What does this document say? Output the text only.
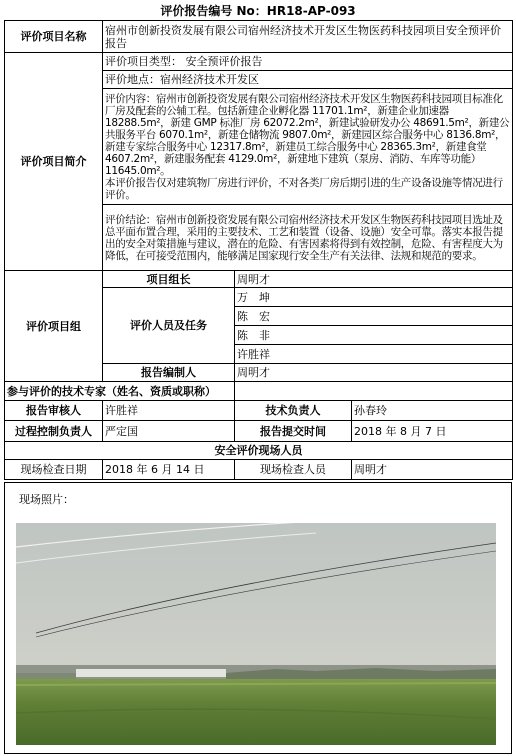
评价报告编号 No：HR18-AP-093
评价项目名称	宿州市创新投资发展有限公司宿州经济技术开发区生物医药科技园项目安全预评价报告		
评价项目简介	评价项目类型： 安全预评价报告		
	评价地点：宿州经济技术开发区		

	评价内容：宿州市创新投资发展有限公司宿州经济技术开发区生物医药科技园项目标准化厂房及配套的公辅工程。包括新建企业孵化器 11701.1m²，新建企业加速器 18288.5m²，新建 GMP 标准厂房 62072.2m²，新建试验研发办公 48691.5m²，新建公共服务平台 6070.1m²，新建仓储物流 9807.0m²，新建园区综合服务中心 8136.8m²，新建专家综合服务中心 12317.8m²，新建员工综合服务中心 28365.3m²，新建食堂 4607.2m²，新建服务配套 4129.0m²，新建地下建筑（泵房、消防、车库等功能）11645.0m²。
本评价报告仅对建筑物厂房进行评价，不对各类厂房后期引进的生产设备设施等情况进行评价。		

	评价结论：宿州市创新投资发展有限公司宿州经济技术开发区生物医药科技园项目选址及总平面布置合理，采用的主要技术、工艺和装置（设备、设施）安全可靠。落实本报告提出的安全对策措施与建议，潜在的危险、有害因素将得到有效控制，危险、有害程度大为降低，在可接受范围内，能够满足国家现行安全生产有关法律、法规和规范的要求。		
评价项目组	项目组长	周明才	
	评价人员及任务	万　坤	
		陈　宏	
		陈　非	
		许胜祥	
	报告编制人	周明才	
参与评价的技术专家（姓名、资质或职称）			
报告审核人	许胜祥	技术负责人	孙春玲
过程控制负责人	严定国	报告提交时间	2018 年 8 月 7 日
安全评价现场人员			
现场检查日期	2018 年 6 月 14 日	现场检查人员	周明才
现场照片：
